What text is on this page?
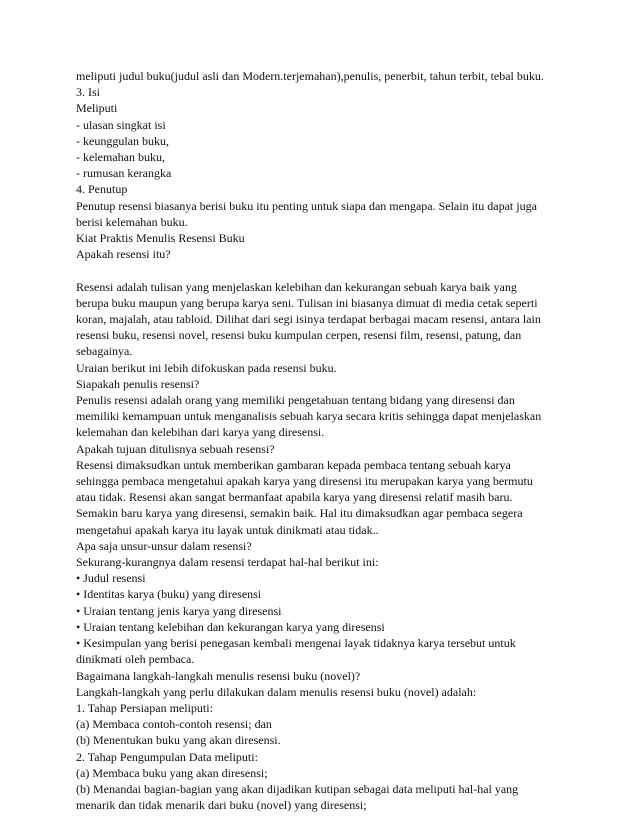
meliputi judul buku(judul asli dan Modern.terjemahan),penulis, penerbit, tahun terbit, tebal buku.
3. Isi
Meliputi
- ulasan singkat isi
- keunggulan buku,
- kelemahan buku,
- rumusan kerangka
4. Penutup
Penutup resensi biasanya berisi buku itu penting untuk siapa dan mengapa. Selain itu dapat juga
berisi kelemahan buku.
Kiat Praktis Menulis Resensi Buku
Apakah resensi itu?
Resensi adalah tulisan yang menjelaskan kelebihan dan kekurangan sebuah karya baik yang
berupa buku maupun yang berupa karya seni. Tulisan ini biasanya dimuat di media cetak seperti
koran, majalah, atau tabloid. Dilihat dari segi isinya terdapat berbagai macam resensi, antara lain
resensi buku, resensi novel, resensi buku kumpulan cerpen, resensi film, resensi, patung, dan
sebagainya.
Uraian berikut ini lebih difokuskan pada resensi buku.
Siapakah penulis resensi?
Penulis resensi adalah orang yang memiliki pengetahuan tentang bidang yang diresensi dan
memiliki kemampuan untuk menganalisis sebuah karya secara kritis sehingga dapat menjelaskan
kelemahan dan kelebihan dari karya yang diresensi.
Apakah tujuan ditulisnya sebuah resensi?
Resensi dimaksudkan untuk memberikan gambaran kepada pembaca tentang sebuah karya
sehingga pembaca mengetahui apakah karya yang diresensi itu merupakan karya yang bermutu
atau tidak. Resensi akan sangat bermanfaat apabila karya yang diresensi relatif masih baru.
Semakin baru karya yang diresensi, semakin baik. Hal itu dimaksudkan agar pembaca segera
mengetahui apakah karya itu layak untuk dinikmati atau tidak..
Apa saja unsur-unsur dalam resensi?
Sekurang-kurangnya dalam resensi terdapat hal-hal berikut ini:
• Judul resensi
• Identitas karya (buku) yang diresensi
• Uraian tentang jenis karya yang diresensi
• Uraian tentang kelebihan dan kekurangan karya yang diresensi
• Kesimpulan yang berisi penegasan kembali mengenai layak tidaknya karya tersebut untuk
dinikmati oleh pembaca.
Bagaimana langkah-langkah menulis resensi buku (novel)?
Langkah-langkah yang perlu dilakukan dalam menulis resensi buku (novel) adalah:
1. Tahap Persiapan meliputi:
(a) Membaca contoh-contoh resensi; dan
(b) Menentukan buku yang akan diresensi.
2. Tahap Pengumpulan Data meliputi:
(a) Membaca buku yang akan diresensi;
(b) Menandai bagian-bagian yang akan dijadikan kutipan sebagai data meliputi hal-hal yang
menarik dan tidak menarik dari buku (novel) yang diresensi;
